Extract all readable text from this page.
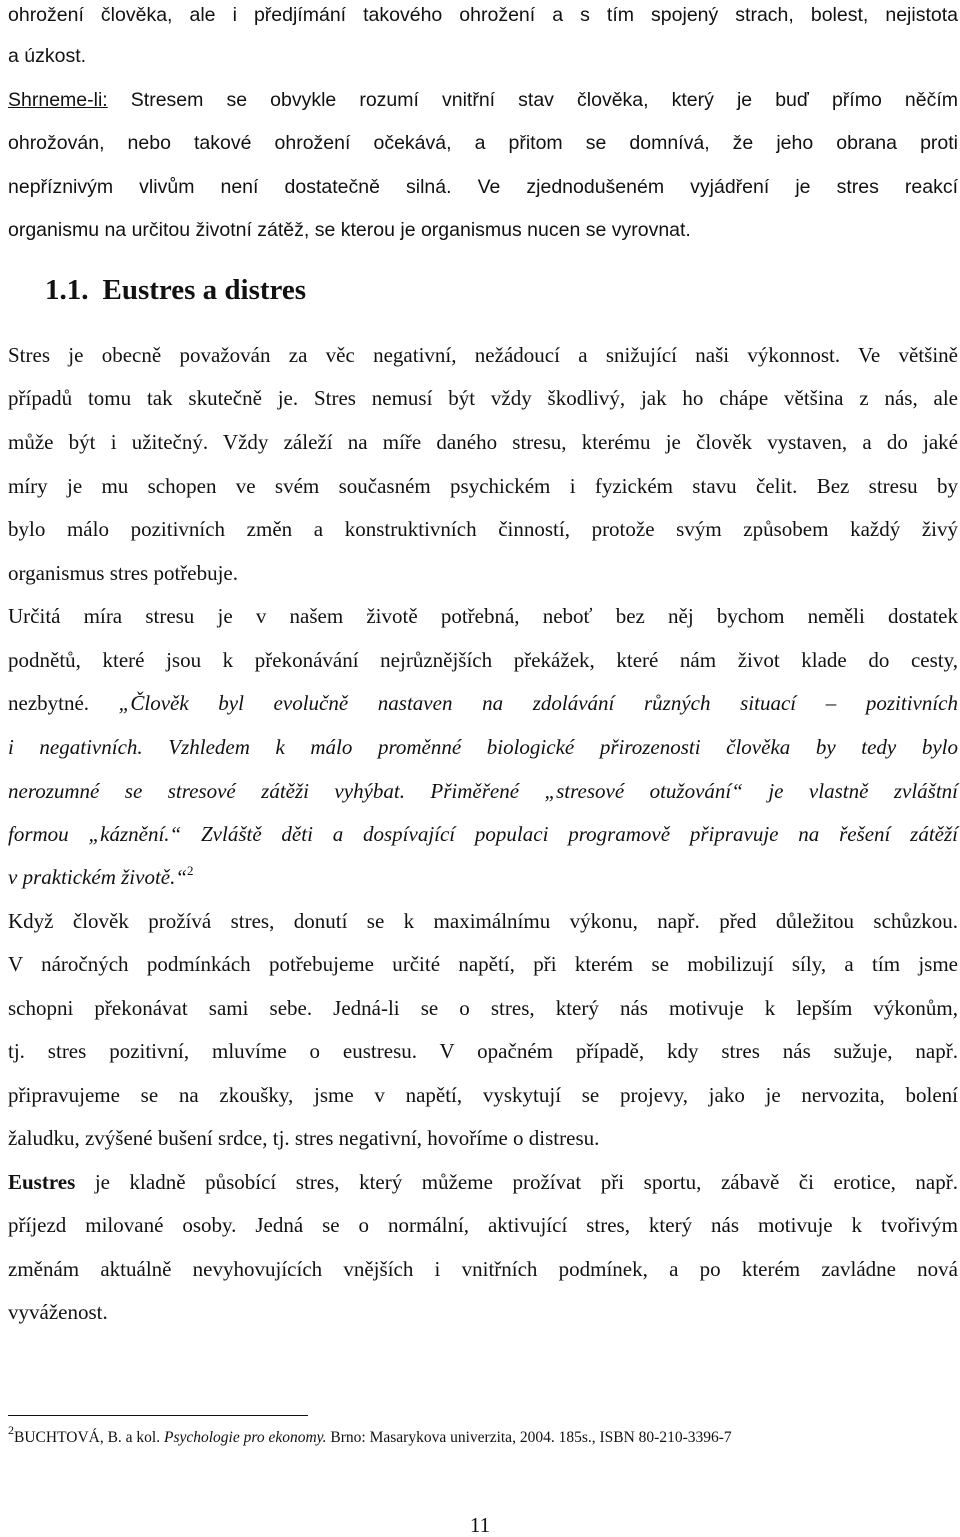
ohrožení člověka, ale i předjímání takového ohrožení a s tím spojený strach, bolest, nejistota
a úzkost.
Shrneme-li: Stresem se obvykle rozumí vnitřní stav člověka, který je buď přímo něčím
ohrožován, nebo takové ohrožení očekává, a přitom se domnívá, že jeho obrana proti
nepříznivým vlivům není dostatečně silná. Ve zjednodušeném vyjádření je stres reakcí
organismu na určitou životní zátěž, se kterou je organismus nucen se vyrovnat.
1.1. Eustres a distres
Stres je obecně považován za věc negativní, nežádoucí a snižující naši výkonnost. Ve většině
případů tomu tak skutečně je. Stres nemusí být vždy škodlivý, jak ho chápe většina z nás, ale
může být i užitečný. Vždy záleží na míře daného stresu, kterému je člověk vystaven, a do jaké
míry je mu schopen ve svém současném psychickém i fyzickém stavu čelit. Bez stresu by
bylo málo pozitivních změn a konstruktivních činností, protože svým způsobem každý živý
organismus stres potřebuje.
Určitá míra stresu je v našem životě potřebná, neboť bez něj bychom neměli dostatek
podnětů, které jsou k překonávání nejrůznějších překážek, které nám život klade do cesty,
nezbytné. „Člověk byl evolučně nastaven na zdolávání různých situací – pozitivních
i negativních. Vzhledem k málo proměnné biologické přirozenosti člověka by tedy bylo
nerozumné se stresové zátěži vyhýbat. Přiměřené „stresové otužování“ je vlastně zvláštní
formou „káznění.“ Zvláště děti a dospívající populaci programově připravuje na řešení zátěží
v praktickém životě.“$^2$
Když člověk prožívá stres, donutí se k maximálnímu výkonu, např. před důležitou schůzkou.
V náročných podmínkách potřebujeme určité napětí, při kterém se mobilizují síly, a tím jsme
schopni překonávat sami sebe. Jedná-li se o stres, který nás motivuje k lepším výkonům,
tj. stres pozitivní, mluvíme o eustresu. V opačném případě, kdy stres nás sužuje, např.
připravujeme se na zkoušky, jsme v napětí, vyskytují se projevy, jako je nervozita, bolení
žaludku, zvýšené bušení srdce, tj. stres negativní, hovoříme o distresu.
Eustres je kladně působící stres, který můžeme prožívat při sportu, zábavě či erotice, např.
příjezd milované osoby. Jedná se o normální, aktivující stres, který nás motivuje k tvořivým
změnám aktuálně nevyhovujících vnějších i vnitřních podmínek, a po kterém zavládne nová
vyváženost.
$^2$BUCHTOVÁ, B. a kol. Psychologie pro ekonomy. Brno: Masarykova univerzita, 2004. 185s., ISBN 80-210-3396-7
11
